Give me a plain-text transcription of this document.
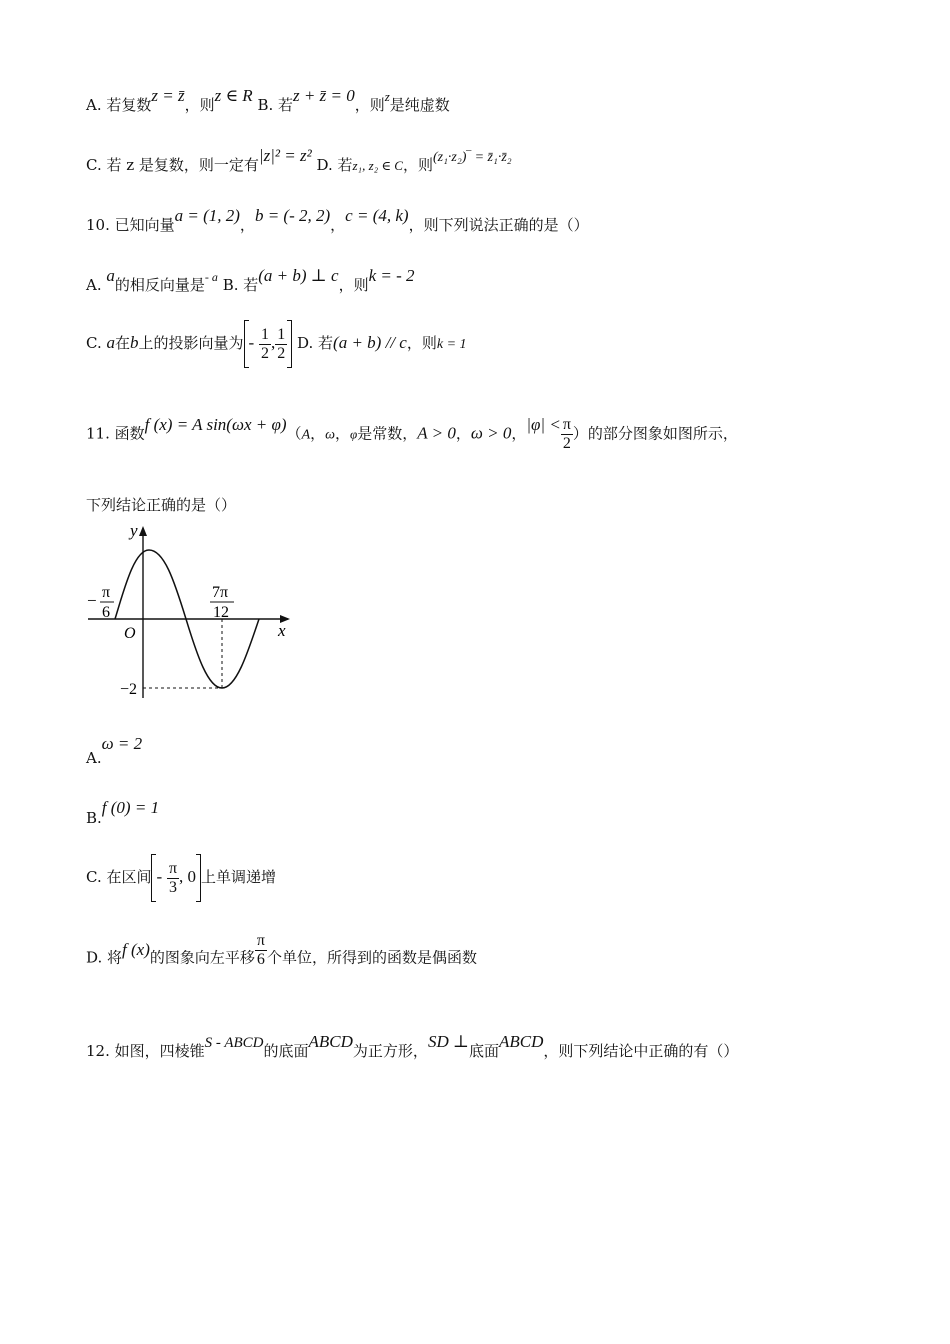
A. 若复数z = z̄，则z ∈ R B. 若z + z̄ = 0，则z是纯虚数
C. 若 z 是复数，则一定有|z|² = z² D. 若z₁, z₂ ∈ C，则(z₁·z₂)‾ = z̄₁·z̄₂
10. 已知向量a = (1, 2)，b = (- 2, 2)，c = (4, k)，则下列说法正确的是（）
A. a的相反向量是$^{- a}$ B. 若(a + b) ⊥ c，则k = - 2
C. a在b上的投影向量为 - $\frac{1}{2}$ , $\frac{1}{2} D$. 若(a + b) // c，则k = 1
11. 函数f (x) = A sin(ωx + φ)（A，ω，φ是常数，A > 0，ω > 0，$|\varphi| < \frac{\pi}{2}$ ）的部分图象如图所示，
下列结论正确的是（）
y
x
O
− π
6
7π
12
−2
A.ω = 2
B.f (0) = 1
C. 在区间 - $\frac{\pi}{3}$ , 0 上单调递增
D. 将f (x)的图象向左平移 $\frac{\pi}{6}$ 个单位，所得到的函数是偶函数
12. 如图，四棱锥S - ABCD的底面ABCD为正方形，SD ⊥底面ABCD，则下列结论中正确的有（）
